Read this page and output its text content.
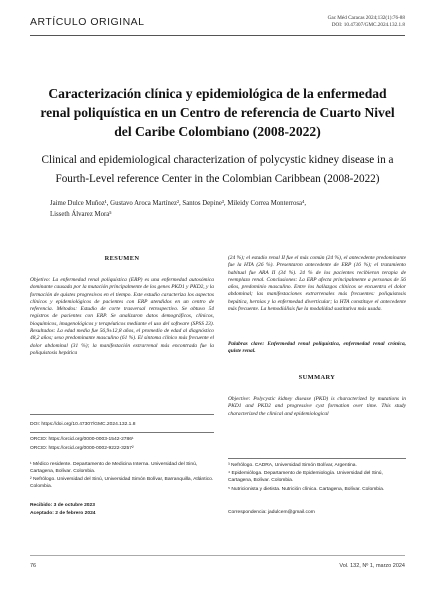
ARTÍCULO ORIGINAL	Gac Méd Caracas 2024;132(1):76-88
DOI: 10.47307/GMC.2024.132.1.8
Caracterización clínica y epidemiológica de la enfermedad renal poliquística en un Centro de referencia de Cuarto Nivel del Caribe Colombiano (2008-2022)
Clinical and epidemiological characterization of polycystic kidney disease in a Fourth-Level reference Center in the Colombian Caribbean (2008-2022)
Jaime Dulce Muñoz¹, Gustavo Aroca Martínez², Santos Depine³, Mileidy Correa Monterrosa⁴,
Lisseth Álvarez Mora⁵
RESUMEN
Objetivo: La enfermedad renal poliquística (ERP) es una enfermedad autosómica dominante causada por la mutación principalmente de los genes PKD1 y PKD2, y la formación de quistes progresivos en el tiempo. Este estudio caracteriza los aspectos clínicos y epidemiológicos de pacientes con ERP atendidos en un centro de referencia. Métodos: Estudio de corte trasversal retrospectivo. Se obtuvo 54 registros de pacientes con ERP. Se analizaron datos demográficos, clínicos, bioquímicos, imagenológicos y terapéuticos mediante el uso del software (SPSS 23). Resultados: La edad media fue 56,9±12,8 años, el promedio de edad al diagnóstico 48,2 años; sexo predominante masculino (61 %). El síntoma clínico más frecuente el dolor abdominal (31 %); la manifestación extrarrenal más encontrada fue la poliquistosis hepática
DOI: https://doi.org/10.47307/GMC.2024.132.1.8
ORCID: https://orcid.org/0000-0003-1542-2786¹
ORCID: https://orcid.org/0000-0002-9222-3257²
¹ Médico residente. Departamento de Medicina Interna. Universidad del Sinú, Cartagena, Bolívar. Colombia.
² Nefrólogo. Universidad del Sinú, Universidad Simón Bolívar, Barranquilla, Atlántico. Colombia.
Recibido: 3 de octubre 2023
Aceptado: 2 de febrero 2024
(24 %); el estadio renal II fue el más común (24 %), el antecedente predominante fue la HTA (26 %). Presentaron antecedente de ERP (16 %); el tratamiento habitual fue ARA II (34 %). 24 % de los pacientes recibieron terapia de reemplazo renal. Conclusiones: La ERP afecta principalmente a personas de 56 años, predominio masculino. Entre los hallazgos clínicos se encuentra el dolor abdominal; las manifestaciones extrarrenales más frecuentes: poliquistosis hepática, hernias y la enfermedad diverticular; la HTA constituye el antecedente más frecuente. La hemodiálisis fue la modalidad sustitutiva más usada.
Palabras clave: Enfermedad renal poliquística, enfermedad renal crónica, quiste renal.
SUMMARY
Objective: Polycystic kidney disease (PKD) is characterized by mutations in PKD1 and PKD2 and progressive cyst formation over time. This study characterized the clinical and epidemiological
³ Nefrólogo. CADRA, Universidad Simón Bolívar, Argentina.
⁴ Epidemióloga. Departamento de Epidemiología. Universidad del Sinú, Cartagena, Bolívar. Colombia.
⁵ Nutricionista y dietista. Nutrición clínica. Cartagena, Bolívar. Colombia.
Correspondencia: jadulcem@gmail.com
76	Vol. 132, Nº 1, marzo 2024
